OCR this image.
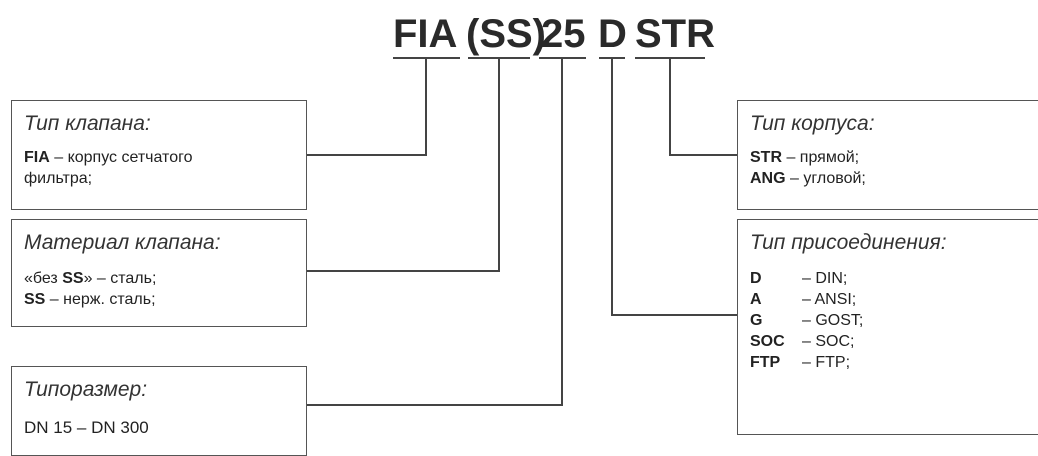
FIA (SS)
25 D STR
Тип клапана:
FIA – корпус сетчатого
фильтра;
Материал клапана:
«без SS» – сталь;
SS – нерж. сталь;
Типоразмер:
DN 15 – DN 300
Тип корпуса:
STR – прямой;
ANG – угловой;
Тип присоединения:
D	– DIN;
A	– ANSI;
G – GOST;
SOC – SOC;
FTP – FTP;
